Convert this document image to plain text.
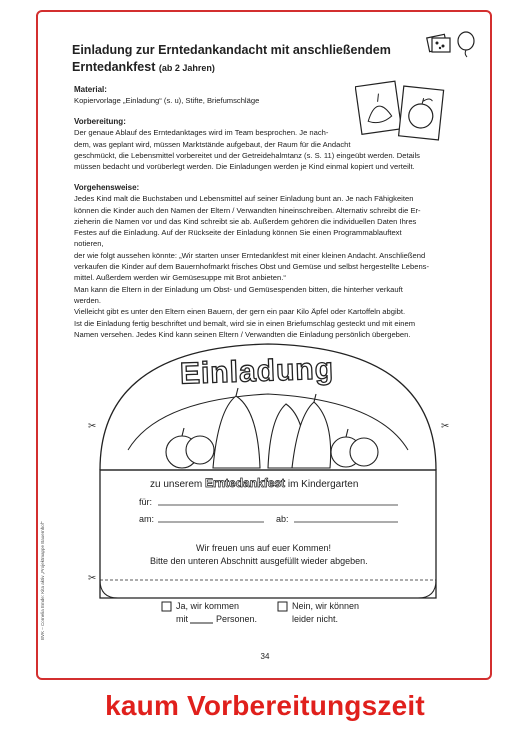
Einladung zur Erntedankandacht mit anschließendem
Erntedankfest (ab 2 Jahren)
Material:

Kopiervorlage „Einladung“ (s. u), Stifte, Briefumschläge

Vorbereitung:

Der genaue Ablauf des Erntedanktages wird im Team besprochen. Je nach-

dem, was geplant wird, müssen Marktstände aufgebaut, der Raum für die Andacht

geschmückt, die Lebensmittel vorbereitet und der Getreidehalmtanz (s. S. 11) eingeübt werden. Details

müssen bedacht und vorüberlegt werden. Die Einladungen werden je Kind einmal kopiert und verteilt.

Vorgehensweise:

Jedes Kind malt die Buchstaben und Lebensmittel auf seiner Einladung bunt an. Je nach Fähigkeiten

können die Kinder auch den Namen der Eltern / Verwandten hineinschreiben. Alternativ schreibt die Er-

zieherin die Namen vor und das Kind schreibt sie ab. Außerdem gehören die individuellen Daten Ihres

Festes auf die Einladung. Auf der Rückseite der Einladung können Sie einen Programmablauftext notieren,

der wie folgt aussehen könnte: „Wir starten unser Erntedankfest mit einer kleinen Andacht. Anschließend

verkaufen die Kinder auf dem Bauernhofmarkt frisches Obst und Gemüse und selbst hergestellte Lebens-

mittel. Außerdem werden wir Gemüsesuppe mit Brot anbieten.“

Man kann die Eltern in der Einladung um Obst- und Gemüsespenden bitten, die hinterher verkauft werden.

Vielleicht gibt es unter den Eltern einen Bauern, der gern ein paar Kilo Äpfel oder Kartoffeln abgibt.

Ist die Einladung fertig beschriftet und bemalt, wird sie in einen Briefumschlag gesteckt und mit einem

Namen versehen. Jedes Kind kann seinen Eltern / Verwandten die Einladung persönlich übergeben.

Einladung
zu unserem Erntedankfest im Kindergarten
für:
am:	ab:
Wir freuen uns auf euer Kommen!
Bitte den unteren Abschnitt ausgefüllt wieder abgeben.
Ja, wir kommen
mit	Personen.
Nein, wir können
leider nicht.
✂	✂
✂
BVK – Cornelia Emde: Kita aktiv „Projektmappe Bauernhof“
34
kaum Vorbereitungszeit
